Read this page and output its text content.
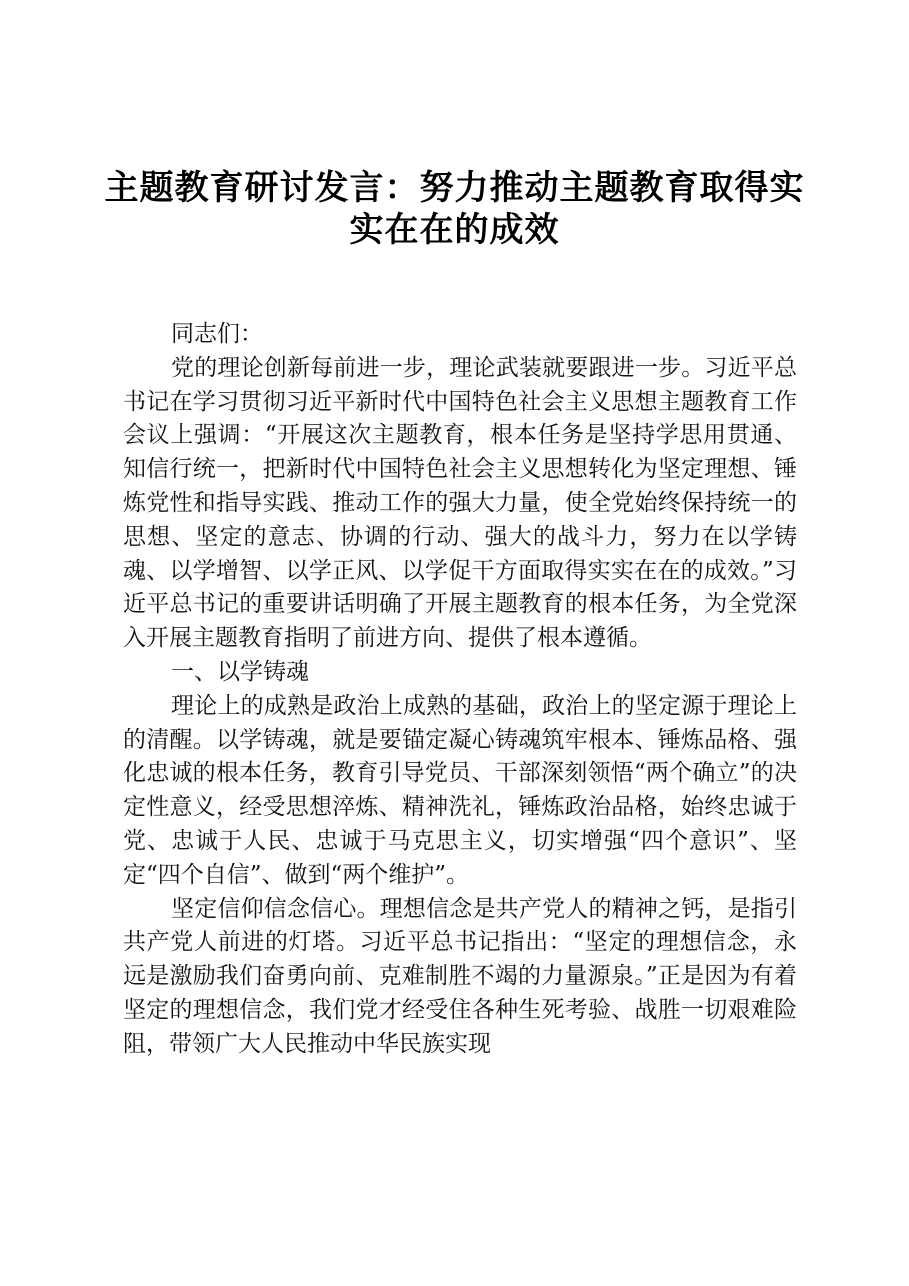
主题教育研讨发言：努力推动主题教育取得实
实在在的成效

同志们：

党的理论创新每前进一步，理论武装就要跟进一步。习近平总书记在学习贯彻习近平新时代中国特色社会主义思想主题教育工作会议上强调：“开展这次主题教育，根本任务是坚持学思用贯通、知信行统一，把新时代中国特色社会主义思想转化为坚定理想、锤炼党性和指导实践、推动工作的强大力量，使全党始终保持统一的思想、坚定的意志、协调的行动、强大的战斗力，努力在以学铸魂、以学增智、以学正风、以学促干方面取得实实在在的成效。”习近平总书记的重要讲话明确了开展主题教育的根本任务，为全党深入开展主题教育指明了前进方向、提供了根本遵循。

一、以学铸魂

理论上的成熟是政治上成熟的基础，政治上的坚定源于理论上的清醒。以学铸魂，就是要锚定凝心铸魂筑牢根本、锤炼品格、强化忠诚的根本任务，教育引导党员、干部深刻领悟“两个确立”的决定性意义，经受思想淬炼、精神洗礼，锤炼政治品格，始终忠诚于党、忠诚于人民、忠诚于马克思主义，切实增强“四个意识”、坚定“四个自信”、做到“两个维护”。

坚定信仰信念信心。理想信念是共产党人的精神之钙，是指引共产党人前进的灯塔。习近平总书记指出：“坚定的理想信念，永远是激励我们奋勇向前、克难制胜不竭的力量源泉。”正是因为有着坚定的理想信念，我们党才经受住各种生死考验、战胜一切艰难险阻，带领广大人民推动中华民族实现
